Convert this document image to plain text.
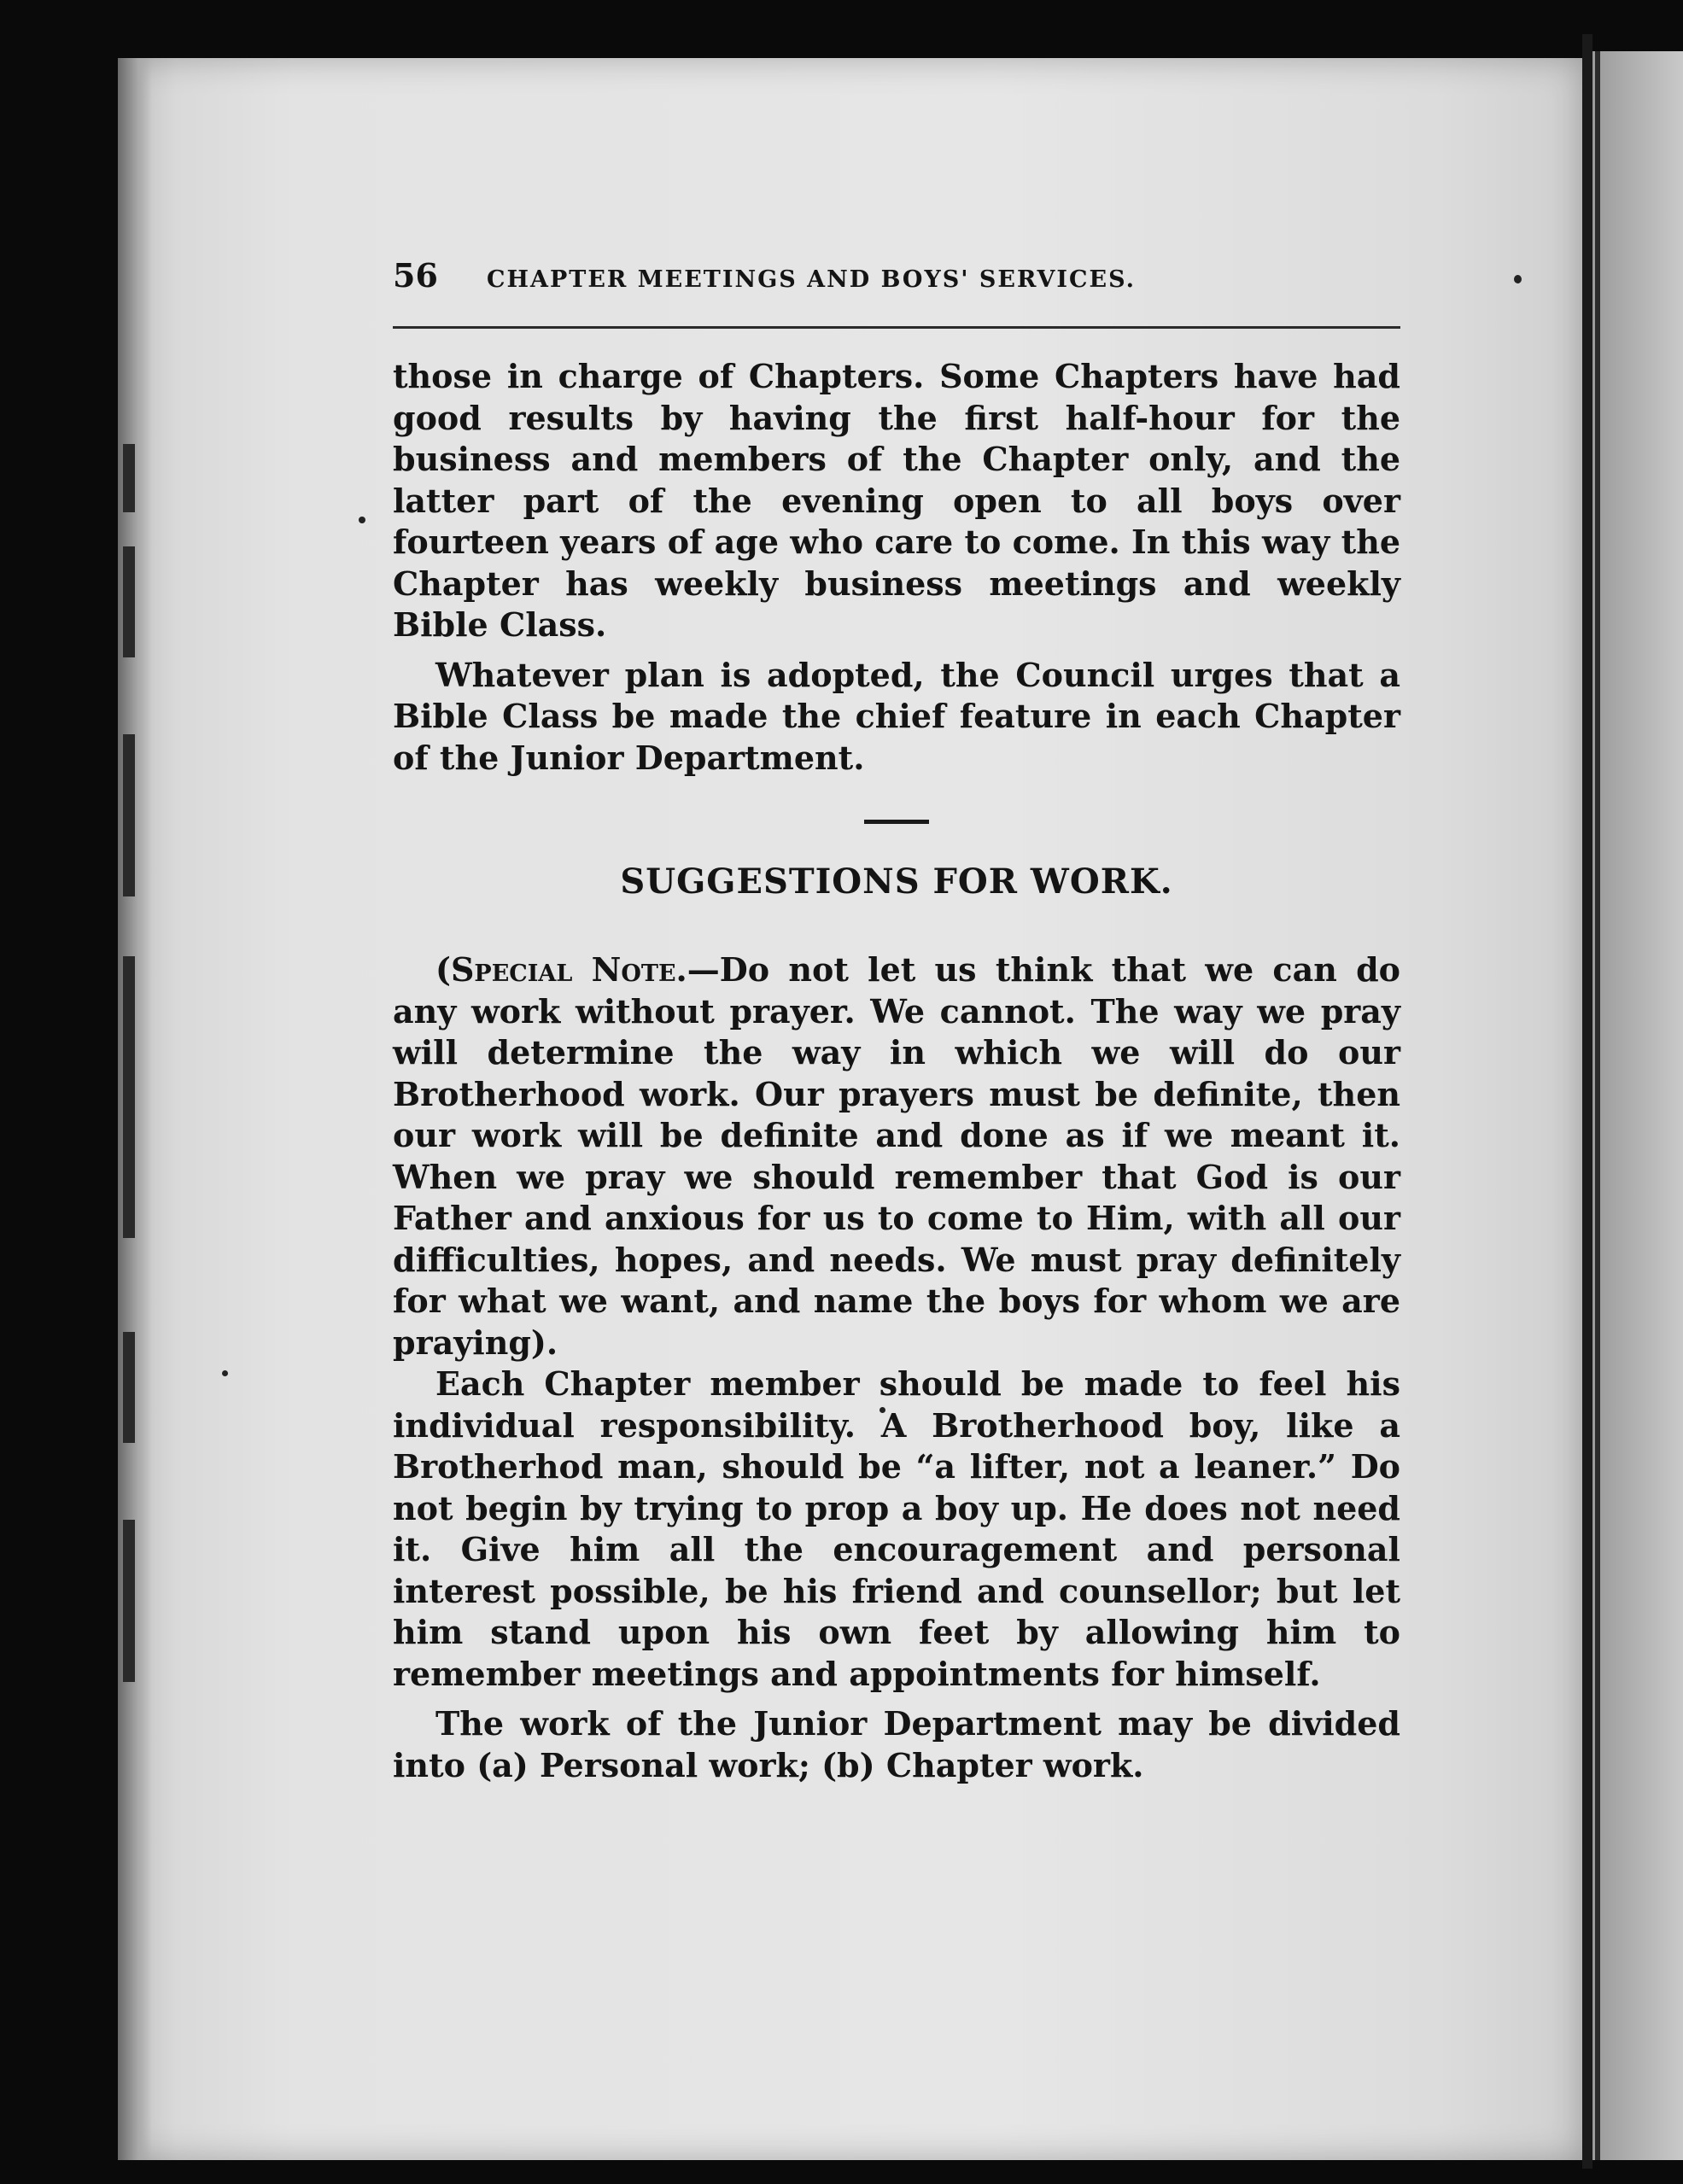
56	CHAPTER MEETINGS AND BOYS' SERVICES.

those in charge of Chapters. Some Chapters have had good results by having the first half-hour for the business and members of the Chapter only, and the latter part of the evening open to all boys over fourteen years of age who care to come. In this way the Chapter has weekly business meetings and weekly Bible Class.

Whatever plan is adopted, the Council urges that a Bible Class be made the chief feature in each Chapter of the Junior Department.

SUGGESTIONS FOR WORK.

(Special Note.—Do not let us think that we can do any work without prayer. We cannot. The way we pray will determine the way in which we will do our Brotherhood work. Our prayers must be definite, then our work will be definite and done as if we meant it. When we pray we should remember that God is our Father and anxious for us to come to Him, with all our difficulties, hopes, and needs. We must pray definitely for what we want, and name the boys for whom we are praying).

Each Chapter member should be made to feel his individual responsibility. A Brotherhood boy, like a Brotherhod man, should be “a lifter, not a leaner.” Do not begin by trying to prop a boy up. He does not need it. Give him all the encouragement and personal interest possible, be his friend and counsellor; but let him stand upon his own feet by allowing him to remember meetings and appointments for himself.

The work of the Junior Department may be divided into (a) Personal work; (b) Chapter work.
